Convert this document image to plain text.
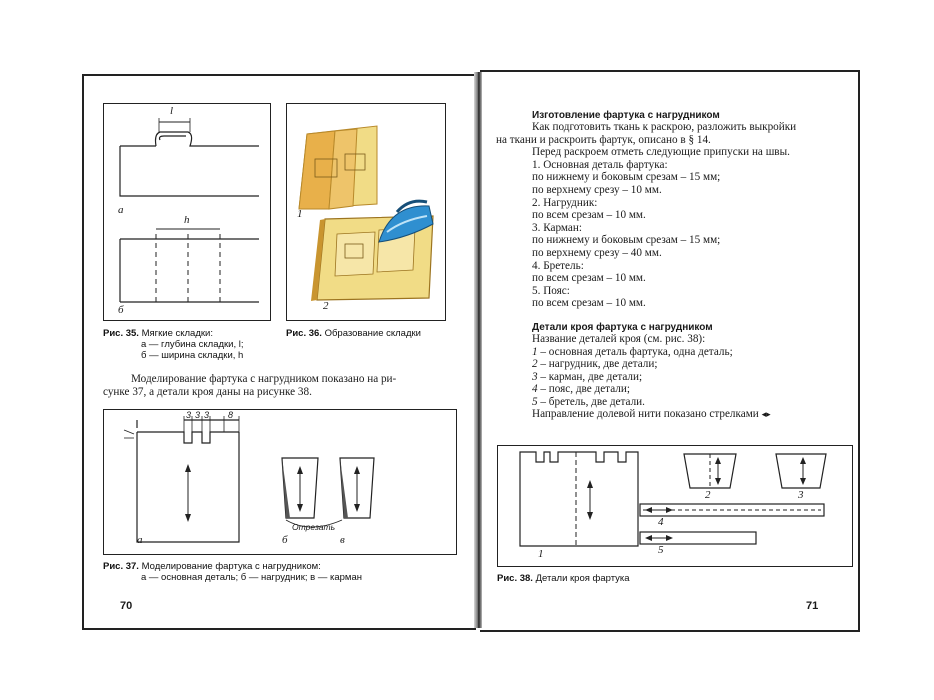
l
а
h
б
1
2
Рис. 35. Мягкие складки:
а — глубина складки, l;
б — ширина складки, h
Рис. 36. Образование складки
Моделирование фартука с нагрудником показано на ри-
сунке 37, а детали кроя даны на рисунке 38.
3 3 3 8
а	б	в
Отрезать
Рис. 37. Моделирование фартука с нагрудником:
а — основная деталь; б — нагрудник; в — карман
70
Изготовление фартука с нагрудником
Как подготовить ткань к раскрою, разложить выкройки
на ткани и раскроить фартук, описано в § 14.
Перед раскроем отметь следующие припуски на швы.
1. Основная деталь фартука:
по нижнему и боковым срезам – 15 мм;
по верхнему срезу – 10 мм.
2. Нагрудник:
по всем срезам – 10 мм.
3. Карман:
по нижнему и боковым срезам – 15 мм;
по верхнему срезу – 40 мм.
4. Бретель:
по всем срезам – 10 мм.
5. Пояс:
по всем срезам – 10 мм.
Детали кроя фартука с нагрудником
Название деталей кроя (см. рис. 38):
1 – основная деталь фартука, одна деталь;
2 – нагрудник, две детали;
3 – карман, две детали;
4 – пояс, две детали;
5 – бретель, две детали.
Направление долевой нити показано стрелками ◂▸
1
2	3
4
5
Рис. 38. Детали кроя фартука
71
